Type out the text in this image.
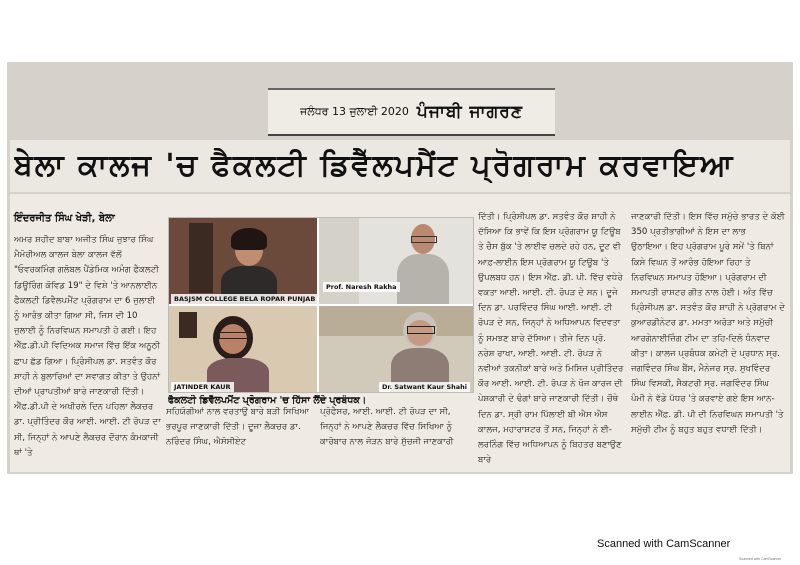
ਜਲੰਧਰ 13 ਜੁਲਾਈ 2020 ਪੰਜਾਬੀ ਜਾਗਰਣ
ਬੇਲਾ ਕਾਲਜ 'ਚ ਫੈਕਲਟੀ ਡਿਵੈੱਲਪਮੈਂਟ ਪ੍ਰੋਗਰਾਮ ਕਰਵਾਇਆ
ਇੰਦਰਜੀਤ ਸਿੰਘ ਖੇੜੀ, ਬੇਲਾ
ਅਮਰ ਸ਼ਹੀਦ ਬਾਬਾ ਅਜੀਤ ਸਿੰਘ ਜੁਝਾਰ ਸਿੰਘ ਮੈਮੋਰੀਅਲ ਕਾਲਜ ਬੇਲਾ ਕਾਲਜ ਵੱਲੋਂ "ਓਵਰਕਮਿੰਗ ਗਲੋਬਲ ਪੈਂਡੇਮਿਕ ਅਮੰਗ ਫੈਕਲਟੀ ਡਿਊਰਿੰਗ ਕੋਵਿਡ 19" ਦੇ ਵਿਸ਼ੇ 'ਤੇ ਆਨਲਾਈਨ ਫੈਕਲਟੀ ਡਿਵੈਲਪਮੈਂਟ ਪ੍ਰੋਗਰਾਮ ਦਾ 6 ਜੁਲਾਈ ਨੂੰ ਆਰੰਭ ਕੀਤਾ ਗਿਆ ਸੀ, ਜਿਸ ਦੀ 10 ਜੁਲਾਈ ਨੂੰ ਨਿਰਵਿਘਨ ਸਮਾਪਤੀ ਹੋ ਗਈ। ਇਹ ਐੱਫ਼.ਡੀ.ਪੀ ਵਿਦਿਅਕ ਸਮਾਜ ਵਿੱਚ ਇੱਕ ਅਨੂਠੀ ਛਾਪ ਛੱਡ ਗਿਆ। ਪ੍ਰਿੰਸੀਪਲ ਡਾ. ਸਤਵੰਤ ਕੌਰ ਸ਼ਾਹੀ ਨੇ ਬੁਲਾਰਿਆਂ ਦਾ ਸਵਾਗਤ ਕੀਤਾ ਤੇ ਉਹਨਾਂ ਦੀਆਂ ਪ੍ਰਾਪਤੀਆਂ ਬਾਰੇ ਜਾਣਕਾਰੀ ਦਿੱਤੀ। ਐੱਫ਼.ਡੀ.ਪੀ ਦੇ ਅਖੀਰਲੇ ਦਿਨ ਪਹਿਲਾ ਲੈਕਚਰ ਡਾ. ਪ੍ਰੀਤਿੰਦਰ ਕੌਰ ਆਈ. ਆਈ. ਟੀ ਰੋਪੜ ਦਾ ਸੀ, ਜਿਨ੍ਹਾਂ ਨੇ ਆਪਣੇ ਲੈਕਚਰ ਦੌਰਾਨ ਕੰਮਕਾਜੀ ਥਾਂ 'ਤੇ
BASJSM COLLEGE BELA ROPAR PUNJAB
Prof. Naresh Rakha
JATINDER KAUR	Dr. Satwant Kaur Shahi
ਫੈਕਲਟੀ ਡਿਵੈੱਲਪਮੈਂਟ ਪ੍ਰੋਗਰਾਮ 'ਚ ਹਿੱਸਾ ਲੈਂਦੇ ਪ੍ਰਬੰਧਕ।
ਸਹਿਯੋਗੀਆਂ ਨਾਲ ਵਰਤਾਉ ਬਾਰੇ ਬੜੀ ਸਿਖਿਆ ਭਰਪੂਰ ਜਾਣਕਾਰੀ ਦਿੱਤੀ। ਦੂਜਾ ਲੈਕਚਰ ਡਾ. ਨਰਿੰਦਰ ਸਿੰਘ, ਐਸੋਸੀਏਟ
ਪ੍ਰੋਫੈਸਰ, ਆਈ. ਆਈ. ਟੀ ਰੋਪੜ ਦਾ ਸੀ, ਜਿਨ੍ਹਾਂ ਨੇ ਆਪਣੇ ਲੈਕਚਰ ਵਿੱਚ ਸਿਖਿਆ ਨੂੰ ਕਾਰੋਬਾਰ ਨਾਲ ਜੋੜਨ ਬਾਰੇ ਸੁੱਚਜੀ ਜਾਣਕਾਰੀ
ਦਿੱਤੀ। ਪ੍ਰਿੰਸੀਪਲ ਡਾ. ਸਤਵੰਤ ਕੌਰ ਸ਼ਾਹੀ ਨੇ ਦੱਸਿਆ ਕਿ ਭਾਵੇਂ ਕਿ ਇਸ ਪ੍ਰੋਗਰਾਮ ਯੂ ਟਿਊਬ ਤੇ ਚੈਸ ਬੁੱਕ 'ਤੇ ਲਾਈਵ ਚਲਦੇ ਰਹੇ ਹਨ, ਦੂਟ ਵੀ ਆਫ਼-ਲਾਈਨ ਇਸ ਪ੍ਰੋਗਰਾਮ ਯੂ ਟਿਊਬ 'ਤੇ ਉਪਲਬਧ ਹਨ। ਇਸ ਐੱਫ਼. ਡੀ. ਪੀ. ਵਿੱਚ ਵਧੇਰੇ ਵਕਤਾ ਆਈ. ਆਈ. ਟੀ. ਰੋਪੜ ਦੇ ਸਨ। ਦੂਜੇ ਦਿਨ ਡਾ. ਪਰਵਿੰਦਰ ਸਿੰਘ ਆਈ. ਆਈ. ਟੀ ਰੋਪੜ ਦੇ ਸਨ, ਜਿਨ੍ਹਾਂ ਨੇ ਅਧਿਆਪਨ ਵਿਦਵਤਾ ਨੂੰ ਸਮਝਣ ਬਾਰੇ ਦੱਸਿਆ। ਤੀਜੇ ਦਿਨ ਪ੍ਰੋ. ਨਰੇਸ਼ ਰਾਖਾ, ਆਈ. ਆਈ. ਟੀ. ਰੋਪੜ ਨੇ ਨਵੀਆਂ ਤਕਨੀਕਾਂ ਬਾਰੇ ਅਤੇ ਮਿਸਿਜ਼ ਪ੍ਰੀਤਿੰਦਰ ਕੌਰ ਆਈ. ਆਈ. ਟੀ. ਰੋਪੜ ਨੇ ਖੋਜ ਕਾਰਜ ਦੀ ਪੇਸ਼ਕਾਰੀ ਦੇ ਢੰਗਾਂ ਬਾਰੇ ਜਾਣਕਾਰੀ ਦਿੱਤੀ। ਚੌਥੇ ਦਿਨ ਡਾ. ਸ੍ਰੀ ਰਾਮ ਪਿੱਲਾਈ ਬੀ ਐਸ ਐਸ ਕਾਲਜ, ਮਹਾਰਾਸ਼ਟਰ ਤੋਂ ਸਨ, ਜਿਨ੍ਹਾਂ ਨੇ ਈ-ਲਰਨਿੰਗ ਵਿੱਚ ਅਧਿਆਪਨ ਨੂੰ ਬਿਹਤਰ ਬਣਾਉਣ ਬਾਰੇ
ਜਾਣਕਾਰੀ ਦਿੱਤੀ। ਇਸ ਵਿੱਚ ਸਮੁੱਚੇ ਭਾਰਤ ਦੇ ਕੋਈ 350 ਪ੍ਰਤੀਭਾਗੀਆਂ ਨੇ ਇਸ ਦਾ ਲਾਭ ਉਠਾਇਆ। ਇਹ ਪ੍ਰੋਗਰਾਮ ਪੂਰੇ ਸਮੇਂ 'ਤੇ ਬਿਨਾਂ ਕਿਸੇ ਵਿਘਨ ਤੋਂ ਆਰੰਭ ਹੋਇਆ ਰਿਹਾ ਤੇ ਨਿਰਵਿਘਨ ਸਮਾਪਤ ਹੋਇਆ। ਪ੍ਰੋਗਰਾਮ ਦੀ ਸਮਾਪਤੀ ਰਾਸ਼ਟਰ ਗੀਤ ਨਾਲ ਹੋਈ। ਅੰਤ ਵਿੱਚ ਪ੍ਰਿੰਸੀਪਲ ਡਾ. ਸਤਵੰਤ ਕੌਰ ਸ਼ਾਹੀ ਨੇ ਪ੍ਰੋਗਰਾਮ ਦੇ ਕੁਆਰਡੀਨੇਟਰ ਡਾ. ਮਮਤਾ ਅਰੋੜਾ ਅਤੇ ਸਮੁੱਚੀ ਆਰਗੇਨਾਈਜ਼ਿੰਗ ਟੀਮ ਦਾ ਤਹਿ-ਦਿਲੋ ਧੰਨਵਾਦ ਕੀਤਾ। ਕਾਲਜ ਪ੍ਰਬੰਧਕ ਕਮੇਟੀ ਦੇ ਪ੍ਰਧਾਨ ਸ੍ਰ. ਜਗਵਿੰਦਰ ਸਿੰਘ ਬੈਂਸ, ਮੈਨੇਜਰ ਸ੍ਰ. ਸੁਖਵਿੰਦਰ ਸਿੰਘ ਵਿਸਕੀ, ਸੈਕਟਰੀ ਸ੍ਰ. ਜਗਵਿੰਦਰ ਸਿੰਘ ਪੰਮੀ ਨੇ ਵੱਡੇ ਪੱਧਰ 'ਤੇ ਕਰਵਾਏ ਗਏ ਇਸ ਆਨ-ਲਾਈਨ ਐੱਫ਼. ਡੀ. ਪੀ ਦੀ ਨਿਰਵਿਘਨ ਸਮਾਪਤੀ 'ਤੇ ਸਮੁੱਚੀ ਟੀਮ ਨੂੰ ਬਹੁਤ ਬਹੁਤ ਵਧਾਈ ਦਿੱਤੀ।
Scanned with CamScanner
Scanned with CamScanner
